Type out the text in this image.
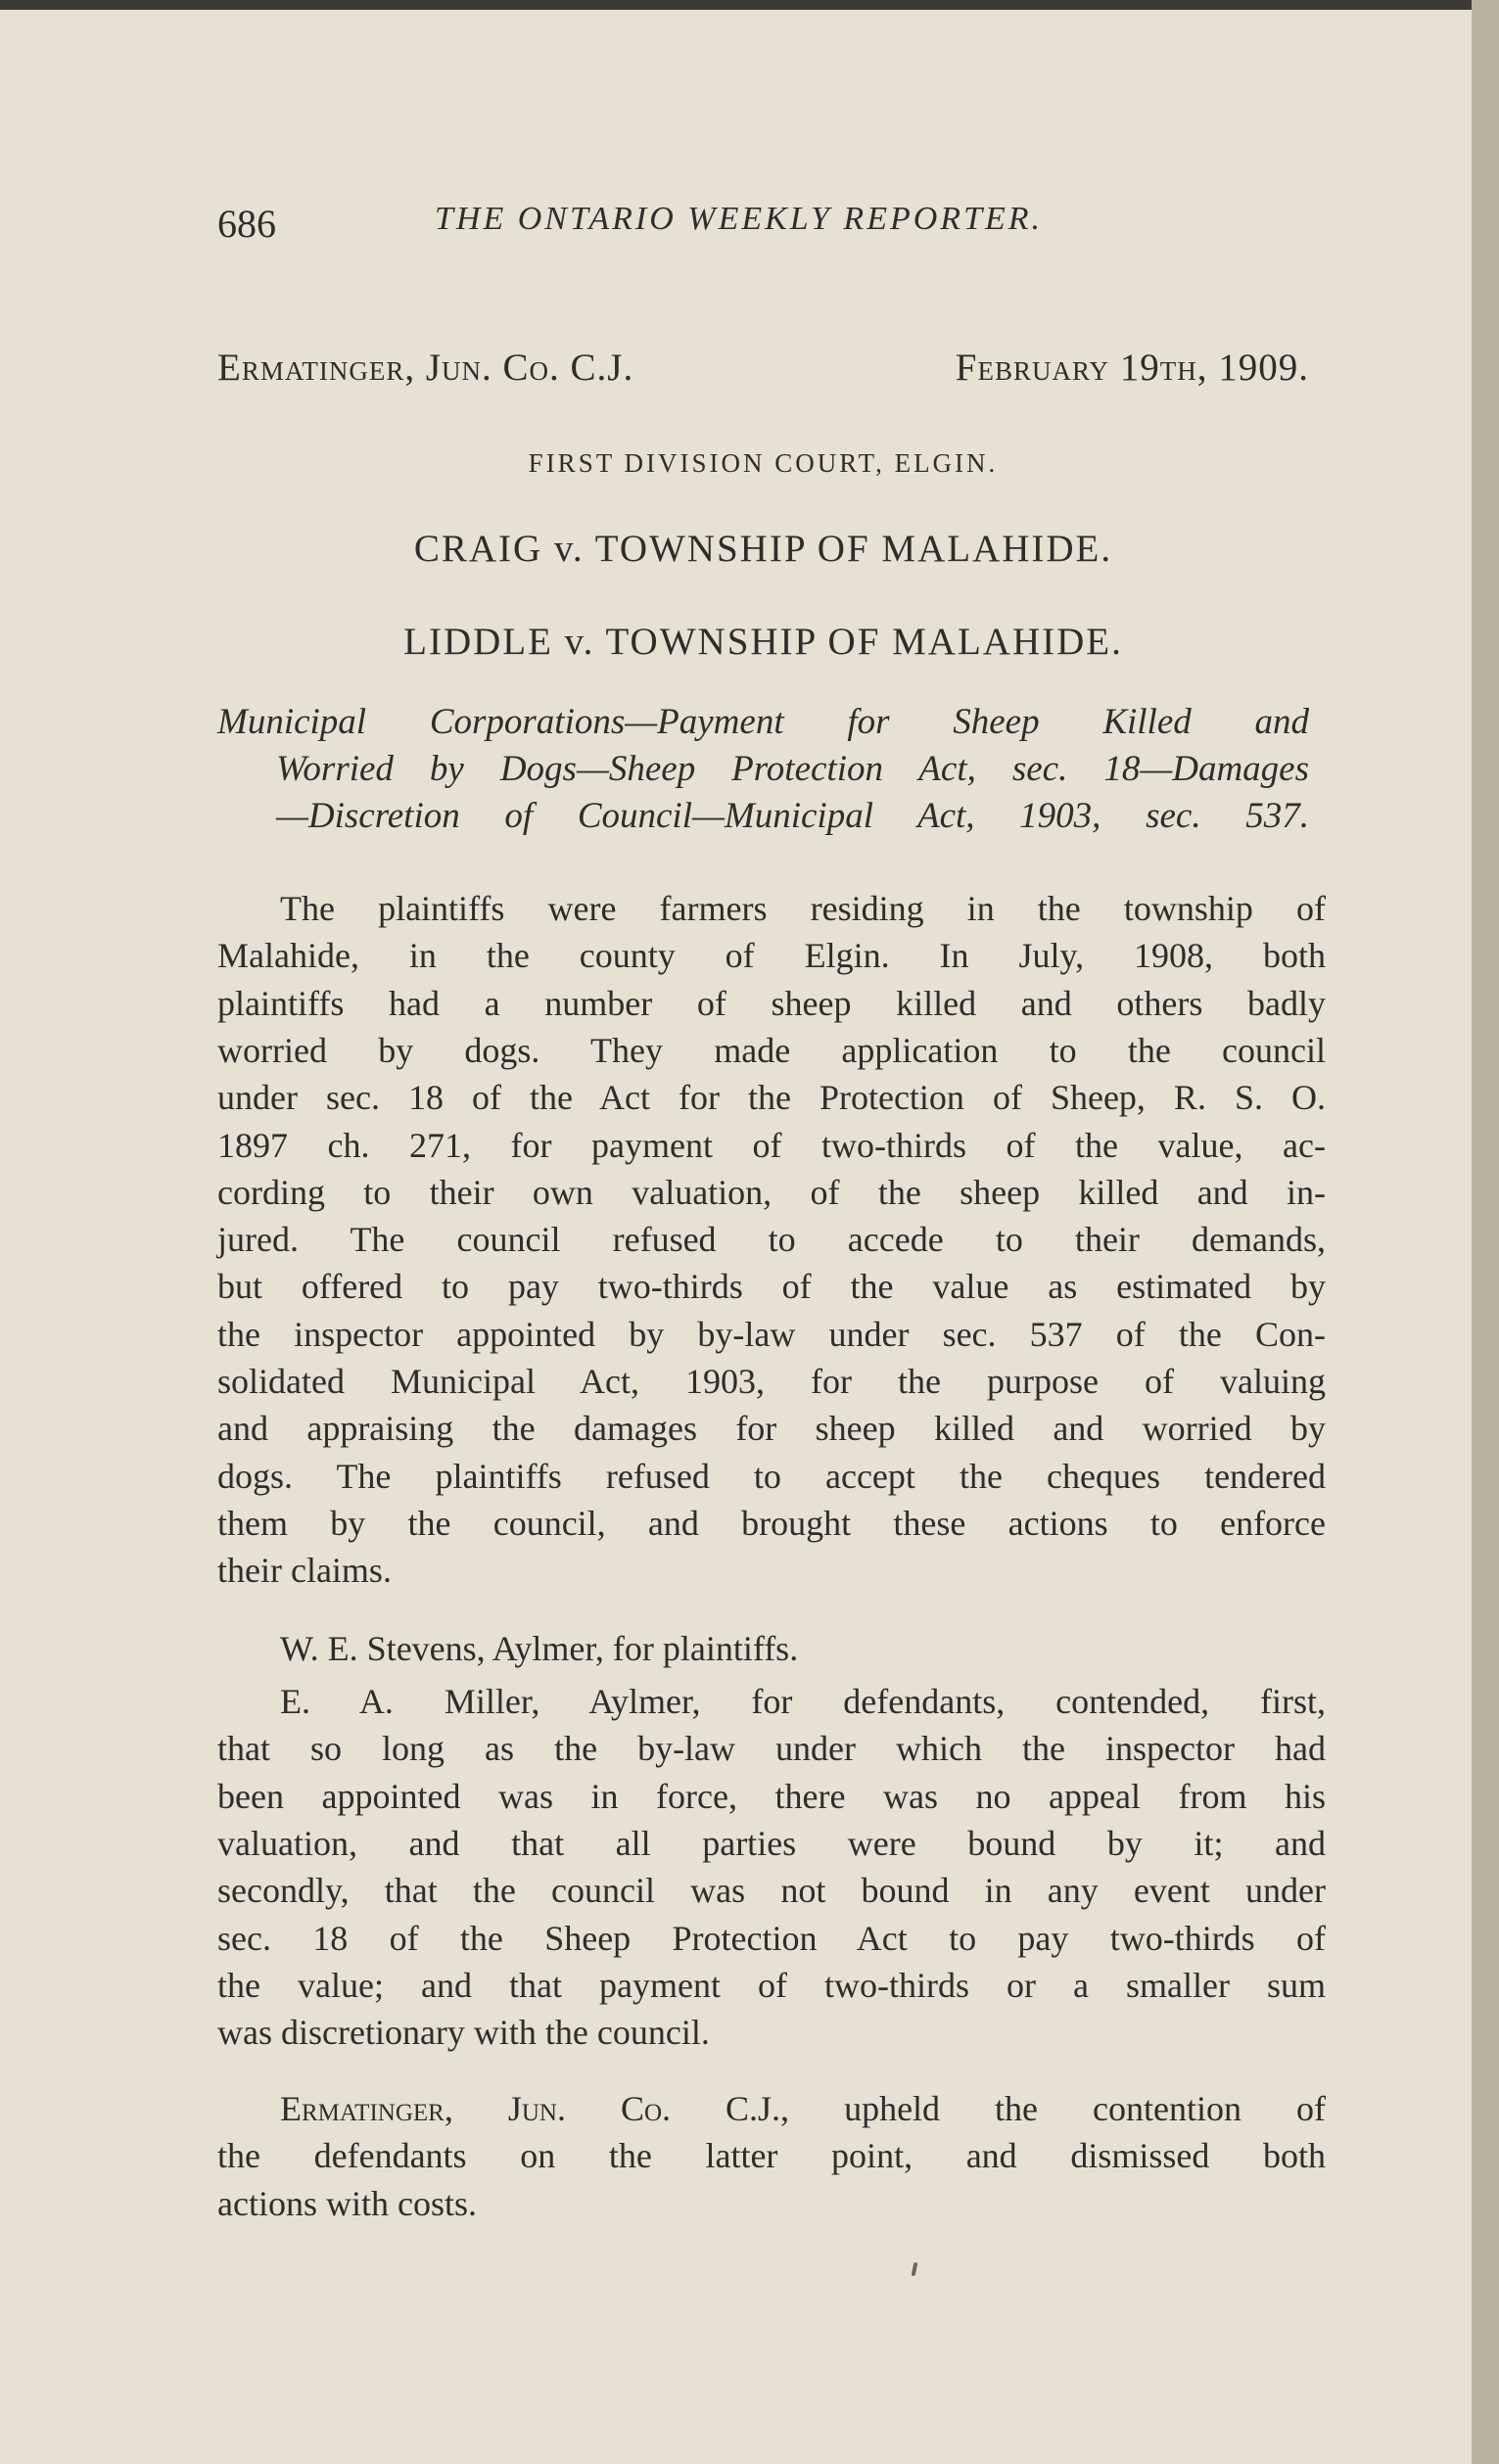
686	THE ONTARIO WEEKLY REPORTER.
Ermatinger, Jun. Co. C.J.	February 19th, 1909.
FIRST DIVISION COURT, ELGIN.
CRAIG v. TOWNSHIP OF MALAHIDE.
LIDDLE v. TOWNSHIP OF MALAHIDE.
Municipal Corporations—Payment for Sheep Killed and
Worried by Dogs—Sheep Protection Act, sec. 18—Damages
—Discretion of Council—Municipal Act, 1903, sec. 537.
The plaintiffs were farmers residing in the township of
Malahide, in the county of Elgin. In July, 1908, both
plaintiffs had a number of sheep killed and others badly
worried by dogs. They made application to the council
under sec. 18 of the Act for the Protection of Sheep, R. S. O.
1897 ch. 271, for payment of two-thirds of the value, ac-
cording to their own valuation, of the sheep killed and in-
jured. The council refused to accede to their demands,
but offered to pay two-thirds of the value as estimated by
the inspector appointed by by-law under sec. 537 of the Con-
solidated Municipal Act, 1903, for the purpose of valuing
and appraising the damages for sheep killed and worried by
dogs. The plaintiffs refused to accept the cheques tendered
them by the council, and brought these actions to enforce
their claims.
W. E. Stevens, Aylmer, for plaintiffs.
E. A. Miller, Aylmer, for defendants, contended, first,
that so long as the by-law under which the inspector had
been appointed was in force, there was no appeal from his
valuation, and that all parties were bound by it; and
secondly, that the council was not bound in any event under
sec. 18 of the Sheep Protection Act to pay two-thirds of
the value; and that payment of two-thirds or a smaller sum
was discretionary with the council.
Ermatinger, Jun. Co. C.J., upheld the contention of
the defendants on the latter point, and dismissed both
actions with costs.
